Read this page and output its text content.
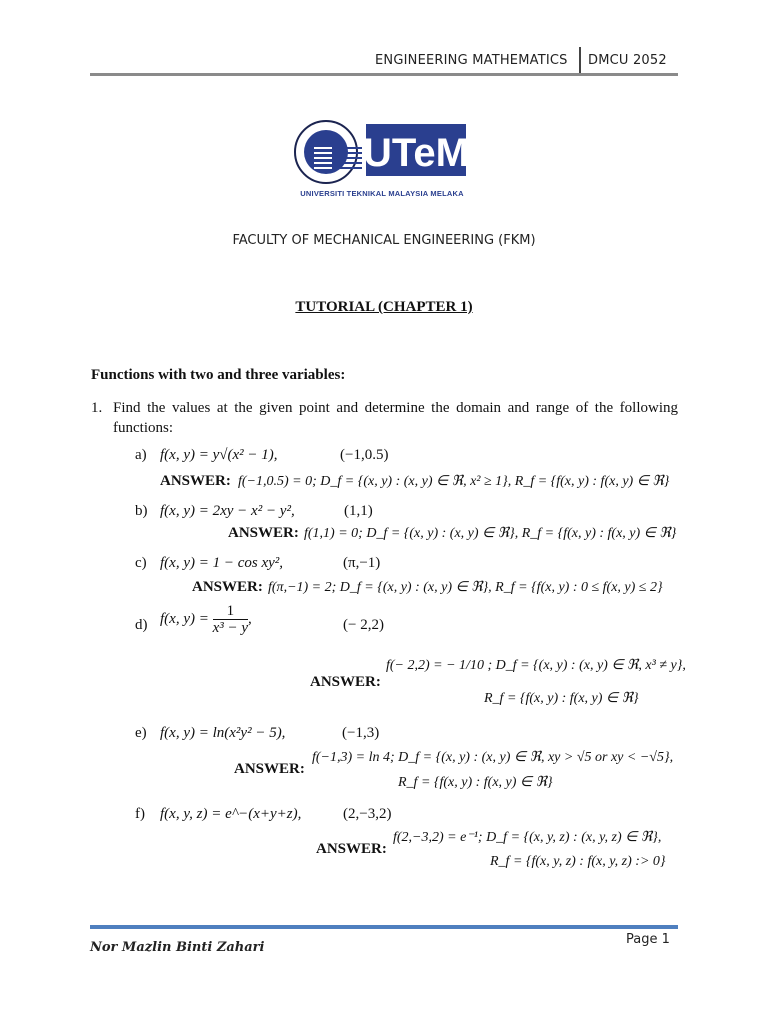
ENGINEERING MATHEMATICS DMCU 2052
UTeM
UNIVERSITI TEKNIKAL MALAYSIA MELAKA
FACULTY OF MECHANICAL ENGINEERING (FKM)
TUTORIAL (CHAPTER 1)
Functions with two and three variables:
1. Find the values at the given point and determine the domain and range of the following
functions:
a) f(x, y) = y√(x² − 1),	(−1,0.5)
ANSWER: f(−1,0.5) = 0; D_f = {(x, y) : (x, y) ∈ ℜ, x² ≥ 1}, R_f = {f(x, y) : f(x, y) ∈ ℜ}
b) f(x, y) = 2xy − x² − y²,	(1,1)
ANSWER: f(1,1) = 0; D_f = {(x, y) : (x, y) ∈ ℜ}, R_f = {f(x, y) : f(x, y) ∈ ℜ}
c) f(x, y) = 1 − cos xy²,	(π,−1)
ANSWER: f(π,−1) = 2; D_f = {(x, y) : (x, y) ∈ ℜ}, R_f = {f(x, y) : 0 ≤ f(x, y) ≤ 2}
d) f(x, $y) = \frac{1}{\text{x³ − y}}$ ,	(− 2,2)
ANSWER:
f(− 2,2) = − 1/10 ; D_f = {(x, y) : (x, y) ∈ ℜ, x³ ≠ y},
R_f = {f(x, y) : f(x, y) ∈ ℜ}
e) f(x, y) = ln(x²y² − 5),	(−1,3)
ANSWER:
f(−1,3) = ln 4; D_f = {(x, y) : (x, y) ∈ ℜ, xy > √5 or xy < −√5},
R_f = {f(x, y) : f(x, y) ∈ ℜ}
f) f(x, y, z) = e^−(x+y+z),	(2,−3,2)
ANSWER:
f(2,−3,2) = e⁻¹; D_f = {(x, y, z) : (x, y, z) ∈ ℜ},
R_f = {f(x, y, z) : f(x, y, z) :> 0}
Nor Mazlin Binti Zahari
Page 1
